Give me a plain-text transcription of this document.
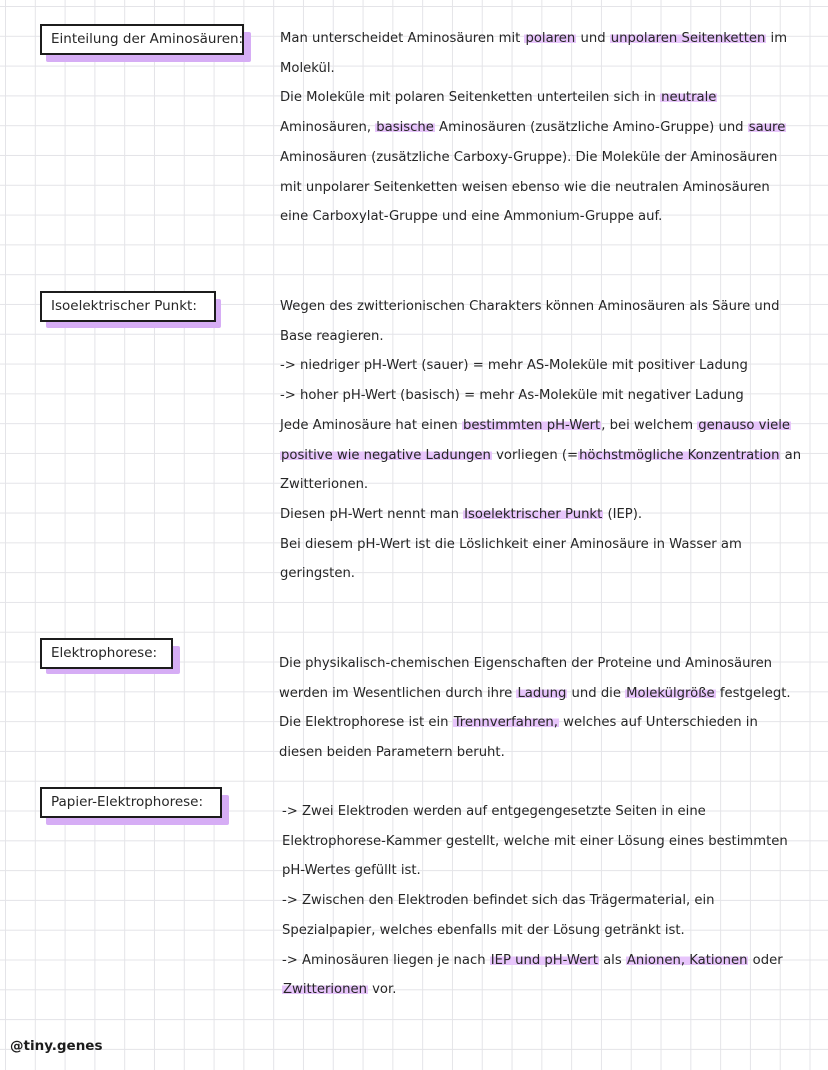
Einteilung der Aminosäuren:	Man unterscheidet Aminosäuren mit polaren und unpolaren Seitenketten im
Molekül.
Die Moleküle mit polaren Seitenketten unterteilen sich in neutrale
Aminosäuren, basische Aminosäuren (zusätzliche Amino-Gruppe) und saure
Aminosäuren (zusätzliche Carboxy-Gruppe). Die Moleküle der Aminosäuren
mit unpolarer Seitenketten weisen ebenso wie die neutralen Aminosäuren
eine Carboxylat-Gruppe und eine Ammonium-Gruppe auf.
Isoelektrischer Punkt:	Wegen des zwitterionischen Charakters können Aminosäuren als Säure und
Base reagieren.
-> niedriger pH-Wert (sauer) = mehr AS-Moleküle mit positiver Ladung
-> hoher pH-Wert (basisch) = mehr As-Moleküle mit negativer Ladung
Jede Aminosäure hat einen bestimmten pH-Wert, bei welchem genauso viele
positive wie negative Ladungen vorliegen (=höchstmögliche Konzentration an
Zwitterionen.
Diesen pH-Wert nennt man Isoelektrischer Punkt (IEP).
Bei diesem pH-Wert ist die Löslichkeit einer Aminosäure in Wasser am
geringsten.
Elektrophorese:
Die physikalisch-chemischen Eigenschaften der Proteine und Aminosäuren
werden im Wesentlichen durch ihre Ladung und die Molekülgröße festgelegt.
Die Elektrophorese ist ein Trennverfahren, welches auf Unterschieden in
diesen beiden Parametern beruht.
Papier-Elektrophorese:
-> Zwei Elektroden werden auf entgegengesetzte Seiten in eine
Elektrophorese-Kammer gestellt, welche mit einer Lösung eines bestimmten
pH-Wertes gefüllt ist.
-> Zwischen den Elektroden befindet sich das Trägermaterial, ein
Spezialpapier, welches ebenfalls mit der Lösung getränkt ist.
-> Aminosäuren liegen je nach IEP und pH-Wert als Anionen, Kationen oder
Zwitterionen vor.
@tiny.genes
